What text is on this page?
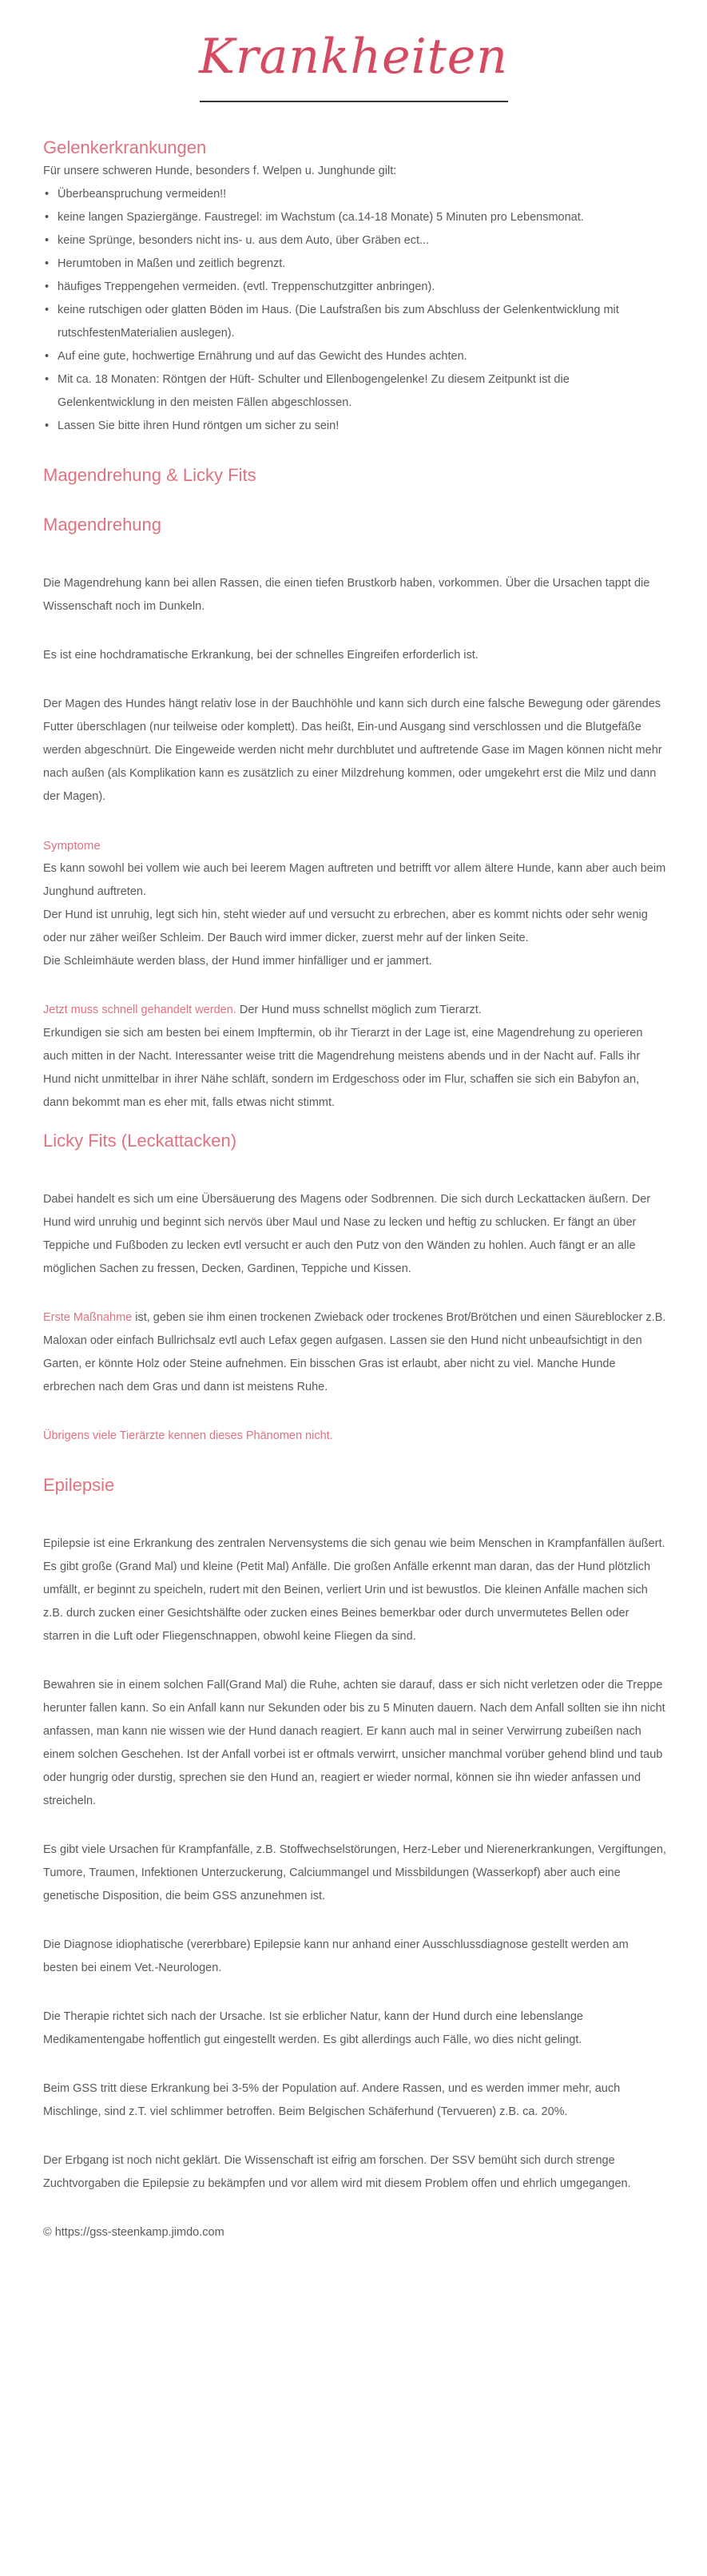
Krankheiten
Gelenkerkrankungen

Für unsere schweren Hunde, besonders f. Welpen u. Junghunde gilt:

• Überbeanspruchung vermeiden!!
• keine langen Spaziergänge. Faustregel: im Wachstum (ca.14-18 Monate) 5 Minuten pro Lebensmonat.
• keine Sprünge, besonders nicht ins- u. aus dem Auto, über Gräben ect...
• Herumtoben in Maßen und zeitlich begrenzt.
• häufiges Treppengehen vermeiden. (evtl. Treppenschutzgitter anbringen).
• keine rutschigen oder glatten Böden im Haus. (Die Laufstraßen bis zum Abschluss der Gelenkentwicklung mit rutschfestenMaterialien auslegen).
• Auf eine gute, hochwertige Ernährung und auf das Gewicht des Hundes achten.
• Mit ca. 18 Monaten: Röntgen der Hüft- Schulter und Ellenbogengelenke! Zu diesem Zeitpunkt ist die Gelenkentwicklung in den meisten Fällen abgeschlossen.
• Lassen Sie bitte ihren Hund röntgen um sicher zu sein!
Magendrehung & Licky Fits
Magendrehung

Die Magendrehung kann bei allen Rassen, die einen tiefen Brustkorb haben, vorkommen. Über die Ursachen tappt die Wissenschaft noch im Dunkeln.

Es ist eine hochdramatische Erkrankung, bei der schnelles Eingreifen erforderlich ist.

Der Magen des Hundes hängt relativ lose in der Bauchhöhle und kann sich durch eine falsche Bewegung oder gärendes Futter überschlagen (nur teilweise oder komplett). Das heißt, Ein-und Ausgang sind verschlossen und die Blutgefäße werden abgeschnürt. Die Eingeweide werden nicht mehr durchblutet und auftretende Gase im Magen können nicht mehr nach außen (als Komplikation kann es zusätzlich zu einer Milzdrehung kommen, oder umgekehrt erst die Milz und dann der Magen).

Symptome

Es kann sowohl bei vollem wie auch bei leerem Magen auftreten und betrifft vor allem ältere Hunde, kann aber auch beim Junghund auftreten.

Der Hund ist unruhig, legt sich hin, steht wieder auf und versucht zu erbrechen, aber es kommt nichts oder sehr wenig oder nur zäher weißer Schleim. Der Bauch wird immer dicker, zuerst mehr auf der linken Seite.

Die Schleimhäute werden blass, der Hund immer hinfälliger und er jammert.

Jetzt muss schnell gehandelt werden. Der Hund muss schnellst möglich zum Tierarzt.

Erkundigen sie sich am besten bei einem Impftermin, ob ihr Tierarzt in der Lage ist, eine Magendrehung zu operieren auch mitten in der Nacht. Interessanter weise tritt die Magendrehung meistens abends und in der Nacht auf. Falls ihr Hund nicht unmittelbar in ihrer Nähe schläft, sondern im Erdgeschoss oder im Flur, schaffen sie sich ein Babyfon an, dann bekommt man es eher mit, falls etwas nicht stimmt.

Licky Fits (Leckattacken)

Dabei handelt es sich um eine Übersäuerung des Magens oder Sodbrennen. Die sich durch Leckattacken äußern. Der Hund wird unruhig und beginnt sich nervös über Maul und Nase zu lecken und heftig zu schlucken. Er fängt an über Teppiche und Fußboden zu lecken evtl versucht er auch den Putz von den Wänden zu hohlen. Auch fängt er an alle möglichen Sachen zu fressen, Decken, Gardinen, Teppiche und Kissen.

Erste Maßnahme ist, geben sie ihm einen trockenen Zwieback oder trockenes Brot/Brötchen und einen Säureblocker z.B. Maloxan oder einfach Bullrichsalz evtl auch Lefax gegen aufgasen. Lassen sie den Hund nicht unbeaufsichtigt in den Garten, er könnte Holz oder Steine aufnehmen. Ein bisschen Gras ist erlaubt, aber nicht zu viel. Manche Hunde erbrechen nach dem Gras und dann ist meistens Ruhe.

Übrigens viele Tierärzte kennen dieses Phänomen nicht.

Epilepsie

Epilepsie ist eine Erkrankung des zentralen Nervensystems die sich genau wie beim Menschen in Krampfanfällen äußert. Es gibt große (Grand Mal) und kleine (Petit Mal) Anfälle. Die großen Anfälle erkennt man daran, das der Hund plötzlich umfällt, er beginnt zu speicheln, rudert mit den Beinen, verliert Urin und ist bewustlos. Die kleinen Anfälle machen sich z.B. durch zucken einer Gesichtshälfte oder zucken eines Beines bemerkbar oder durch unvermutetes Bellen oder starren in die Luft oder Fliegenschnappen, obwohl keine Fliegen da sind.

Bewahren sie in einem solchen Fall(Grand Mal) die Ruhe, achten sie darauf, dass er sich nicht verletzen oder die Treppe herunter fallen kann. So ein Anfall kann nur Sekunden oder bis zu 5 Minuten dauern. Nach dem Anfall sollten sie ihn nicht anfassen, man kann nie wissen wie der Hund danach reagiert. Er kann auch mal in seiner Verwirrung zubeißen nach einem solchen Geschehen. Ist der Anfall vorbei ist er oftmals verwirrt, unsicher manchmal vorüber gehend blind und taub oder hungrig oder durstig, sprechen sie den Hund an, reagiert er wieder normal, können sie ihn wieder anfassen und streicheln.

Es gibt viele Ursachen für Krampfanfälle, z.B. Stoffwechselstörungen, Herz-Leber und Nierenerkrankungen, Vergiftungen, Tumore, Traumen, Infektionen Unterzuckerung, Calciummangel und Missbildungen (Wasserkopf) aber auch eine genetische Disposition, die beim GSS anzunehmen ist.

Die Diagnose idiophatische (vererbbare) Epilepsie kann nur anhand einer Ausschlussdiagnose gestellt werden am besten bei einem Vet.-Neurologen.

Die Therapie richtet sich nach der Ursache. Ist sie erblicher Natur, kann der Hund durch eine lebenslange Medikamentengabe hoffentlich gut eingestellt werden. Es gibt allerdings auch Fälle, wo dies nicht gelingt.

Beim GSS tritt diese Erkrankung bei 3-5% der Population auf. Andere Rassen, und es werden immer mehr, auch Mischlinge, sind z.T. viel schlimmer betroffen. Beim Belgischen Schäferhund (Tervueren) z.B. ca. 20%.

Der Erbgang ist noch nicht geklärt. Die Wissenschaft ist eifrig am forschen. Der SSV bemüht sich durch strenge Zuchtvorgaben die Epilepsie zu bekämpfen und vor allem wird mit diesem Problem offen und ehrlich umgegangen.

© https://gss-steenkamp.jimdo.com
